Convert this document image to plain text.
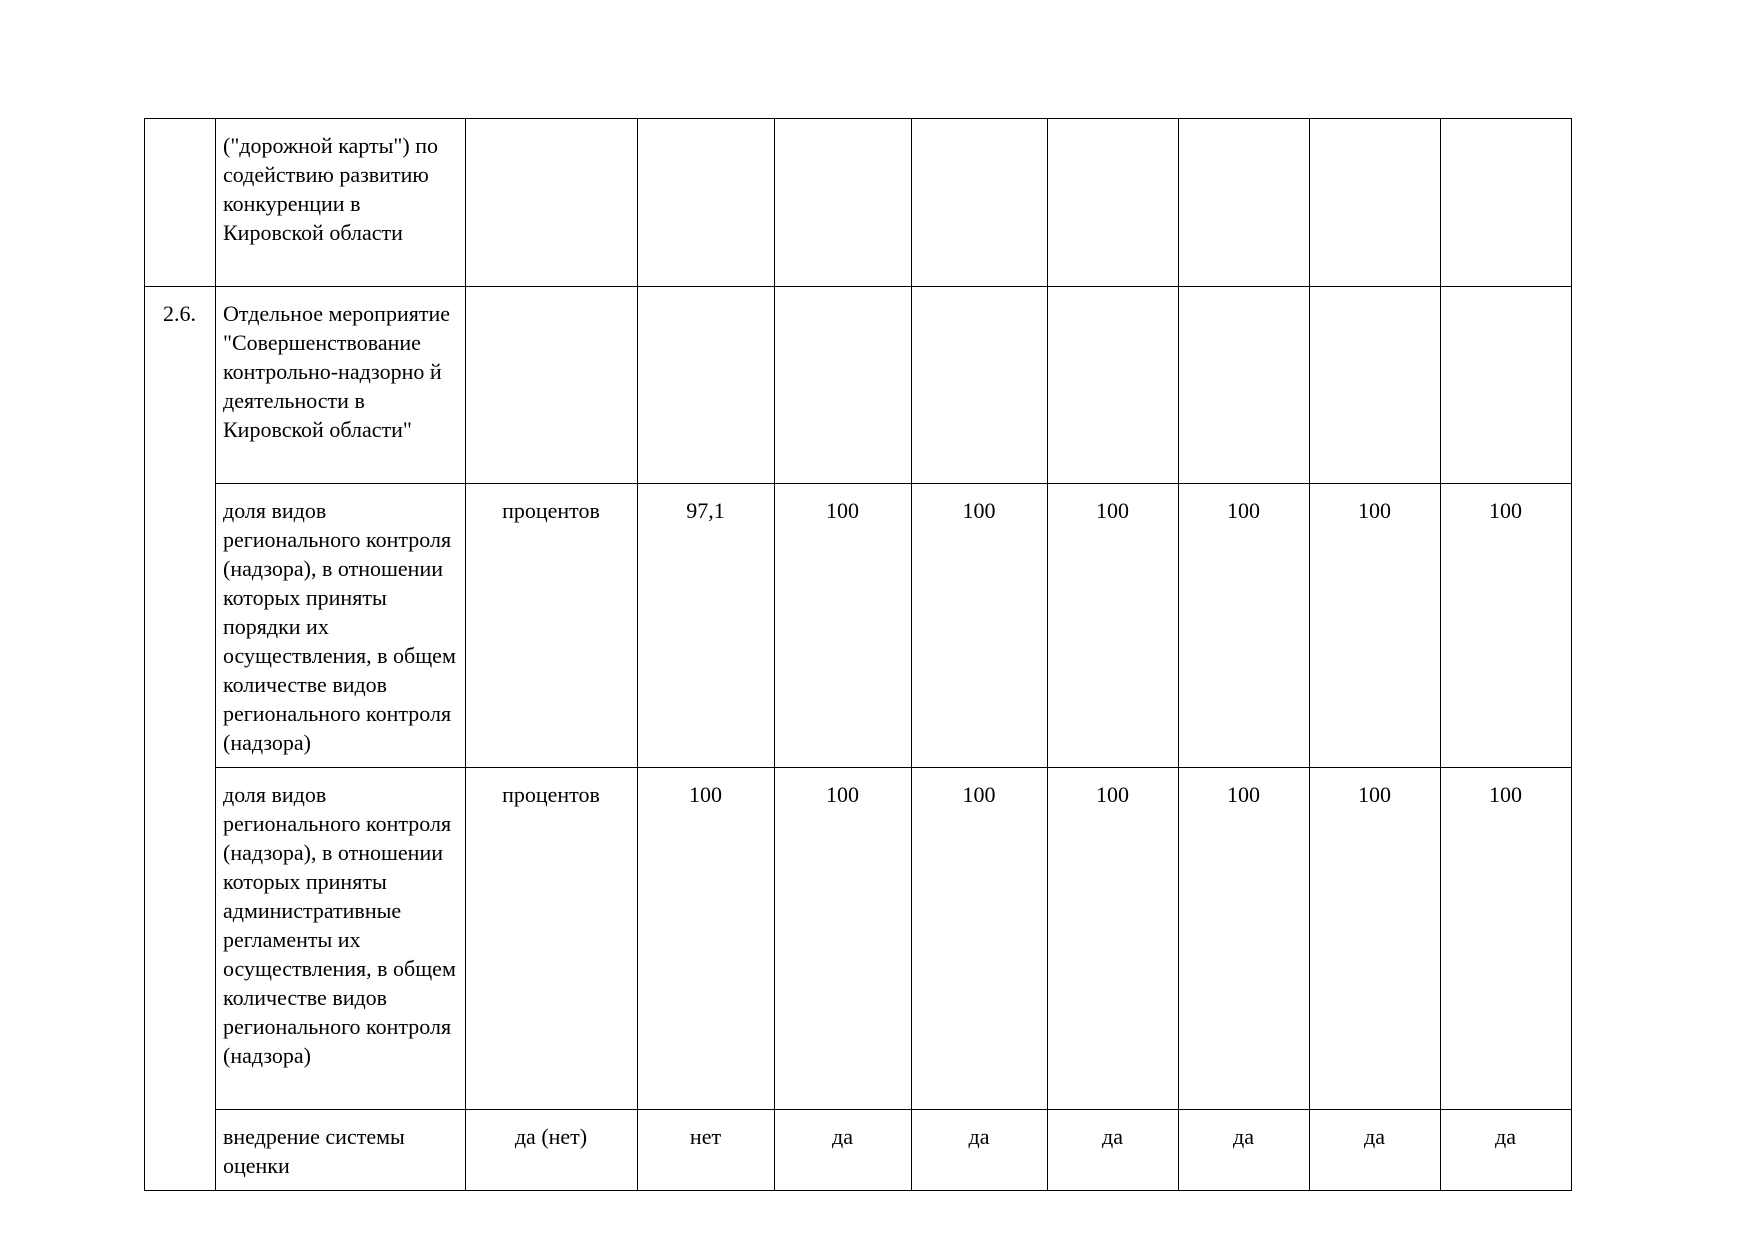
	("дорожной карты") по содействию развитию конкуренции в Кировской области								
2.6.	Отдельное мероприятие "Совершенствование контрольно-надзорно й деятельности в Кировской области"								
	доля видов регионального контроля (надзора), в отношении которых приняты порядки их осуществления, в общем количестве видов регионального контроля (надзора)	процентов	97,1	100	100	100	100	100	100
	доля видов регионального контроля (надзора), в отношении которых приняты административные регламенты их осуществления, в общем количестве видов регионального контроля (надзора)	процентов	100	100	100	100	100	100	100
	внедрение системы оценки	да (нет)	нет	да	да	да	да	да	да
